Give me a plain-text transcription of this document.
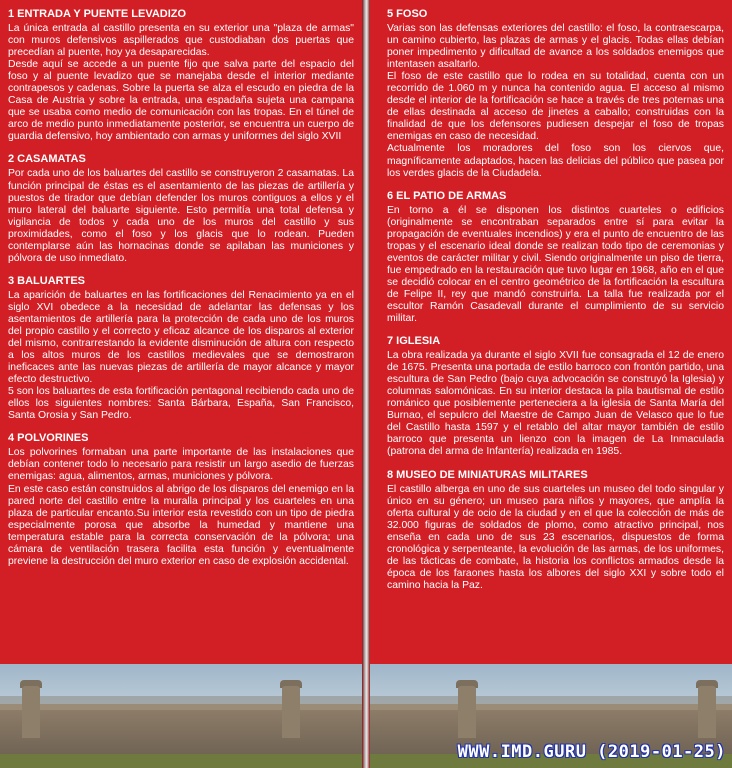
1 ENTRADA Y PUENTE LEVADIZO

La única entrada al castillo presenta en su exterior una "plaza de armas" con muros defensivos aspillerados que custodiaban dos puertas que precedían al puente, hoy ya desaparecidas.

Desde aquí se accede a un puente fijo que salva parte del espacio del foso y al puente levadizo que se manejaba desde el interior mediante contrapesos y cadenas. Sobre la puerta se alza el escudo en piedra de la Casa de Austria y sobre la entrada, una espadaña sujeta una campana que se usaba como medio de comunicación con las tropas. En el túnel de arco de medio punto inmediatamente posterior, se encuentra un cuerpo de guardia defensivo, hoy ambientado con armas y uniformes del siglo XVII

2 CASAMATAS

Por cada uno de los baluartes del castillo se construyeron 2 casamatas. La función principal de éstas es el asentamiento de las piezas de artillería y puestos de tirador que debían defender los muros contiguos a ellos y el muro lateral del baluarte siguiente. Esto permitía una total defensa y vigilancia de todos y cada uno de los muros del castillo y sus proximidades, como el foso y los glacis que lo rodean. Pueden contemplarse aún las hornacinas donde se apilaban las municiones y pólvora de uso inmediato.

3 BALUARTES

La aparición de baluartes en las fortificaciones del Renacimiento ya en el siglo XVI obedece a la necesidad de adelantar las defensas y los asentamientos de artillería para la protección de cada uno de los muros del propio castillo y el correcto y eficaz alcance de los disparos al exterior del mismo, contrarrestando la evidente disminución de altura con respecto a los altos muros de los castillos medievales que se demostraron ineficaces ante las nuevas piezas de artillería de mayor alcance y mayor efecto destructivo.

5 son los baluartes de esta fortificación pentagonal recibiendo cada uno de ellos los siguientes nombres: Santa Bárbara, España, San Francisco, Santa Orosia y San Pedro.

4 POLVORINES

Los polvorines formaban una parte importante de las instalaciones que debían contener todo lo necesario para resistir un largo asedio de fuerzas enemigas: agua, alimentos, armas, municiones y pólvora.

En este caso están construidos al abrigo de los disparos del enemigo en la pared norte del castillo entre la muralla principal y los cuarteles en una plaza de particular encanto.Su interior esta revestido con un tipo de piedra especialmente porosa que absorbe la humedad y mantiene una temperatura estable para la correcta conservación de la pólvora; una cámara de ventilación trasera facilita esta función y eventualmente previene la destrucción del muro exterior en caso de explosión accidental.

5 FOSO

Varias son las defensas exteriores del castillo: el foso, la contraescarpa, un camino cubierto, las plazas de armas y el glacis. Todas ellas debían poner impedimento y dificultad de avance a los soldados enemigos que intentasen asaltarlo.

El foso de este castillo que lo rodea en su totalidad, cuenta con un recorrido de 1.060 m y nunca ha contenido agua. El acceso al mismo desde el interior de la fortificación se hace a través de tres poternas una de ellas destinada al acceso de jinetes a caballo; construidas con la finalidad de que los defensores pudiesen despejar el foso de tropas enemigas en caso de necesidad.

Actualmente los moradores del foso son los ciervos que, magníficamente adaptados, hacen las delicias del público que pasea por los verdes glacis de la Ciudadela.

6 EL PATIO DE ARMAS

En torno a él se disponen los distintos cuarteles o edificios (originalmente se encontraban separados entre sí para evitar la propagación de eventuales incendios) y era el punto de encuentro de las tropas y el escenario ideal donde se realizan todo tipo de ceremonias y eventos de carácter militar y civil. Siendo originalmente un piso de tierra, fue empedrado en la restauración que tuvo lugar en 1968, año en el que se decidió colocar en el centro geométrico de la fortificación la escultura de Felipe II, rey que mandó construirla. La talla fue realizada por el escultor Ramón Casadevall durante el cumplimiento de su servicio militar.

7 IGLESIA

La obra realizada ya durante el siglo XVII fue consagrada el 12 de enero de 1675. Presenta una portada de estilo barroco con frontón partido, una escultura de San Pedro (bajo cuya advocación se construyó la Iglesia) y columnas salomónicas. En su interior destaca la pila bautismal de estilo románico que posiblemente perteneciera a la iglesia de Santa María del Burnao, el sepulcro del Maestre de Campo Juan de Velasco que lo fue del Castillo hasta 1597 y el retablo del altar mayor también de estilo barroco que presenta un lienzo con la imagen de La Inmaculada (patrona del arma de Infantería) realizada en 1985.

8 MUSEO DE MINIATURAS MILITARES

El castillo alberga en uno de sus cuarteles un museo del todo singular y único en su género; un museo para niños y mayores, que amplía la oferta cultural y de ocio de la ciudad y en el que la colección de más de 32.000 figuras de soldados de plomo, como atractivo principal, nos enseña en cada uno de sus 23 escenarios, dispuestos de forma cronológica y serpenteante, la evolución de las armas, de los uniformes, de las tácticas de combate, la historia los conflictos armados desde la época de los faraones hasta los albores del siglo XXI y sobre todo el camino hacia la Paz.

WWW.IMD.GURU (2019-01-25)
